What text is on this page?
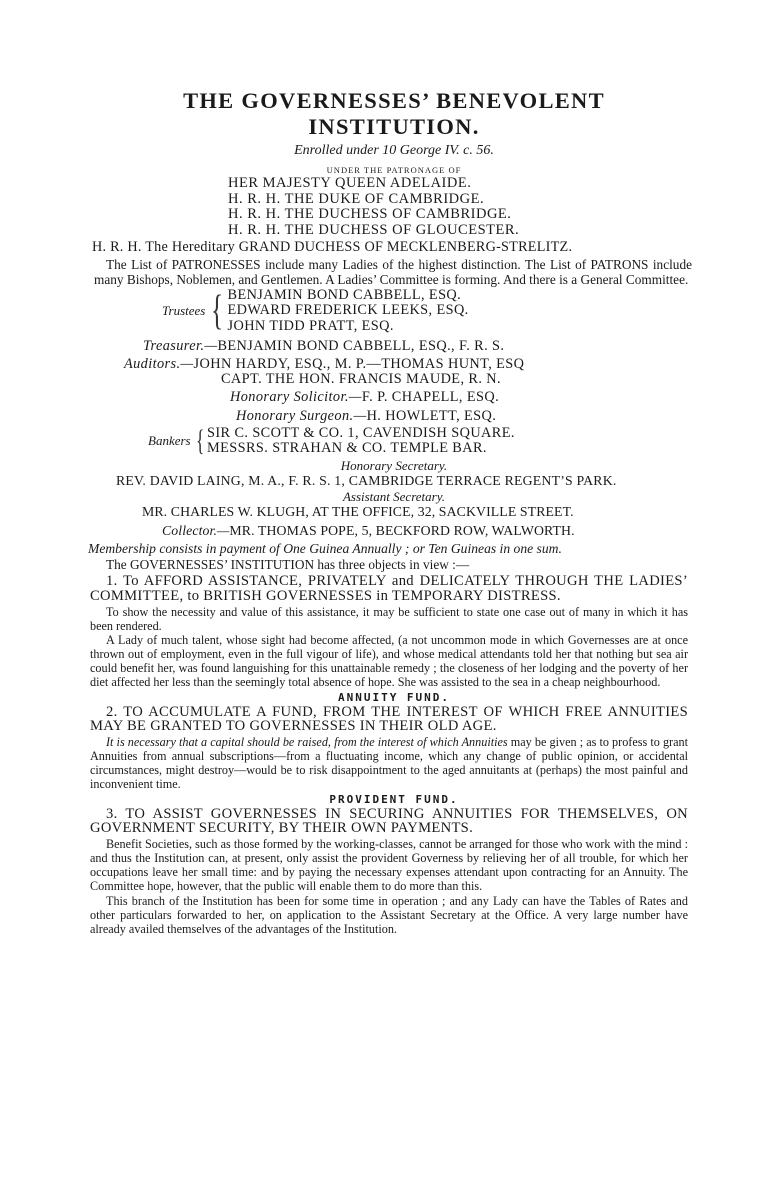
THE GOVERNESSES’ BENEVOLENT INSTITUTION.
Enrolled under 10 George IV. c. 56.
UNDER THE PATRONAGE OF
HER MAJESTY QUEEN ADELAIDE.
H. R. H. THE DUKE OF CAMBRIDGE.
H. R. H. THE DUCHESS OF CAMBRIDGE.
H. R. H. THE DUCHESS OF GLOUCESTER.
H. R. H. The Hereditary GRAND DUCHESS OF MECKLENBERG-STRELITZ.
The List of PATRONESSES include many Ladies of the highest distinction. The List of PATRONS include many Bishops, Noblemen, and Gentlemen. A Ladies’ Committee is forming. And there is a General Committee.
Trustees { BENJAMIN BOND CABBELL, ESQ.
EDWARD FREDERICK LEEKS, ESQ.
JOHN TIDD PRATT, ESQ.
Treasurer.—BENJAMIN BOND CABBELL, ESQ., F. R. S.
Auditors.—JOHN HARDY, ESQ., M. P.—THOMAS HUNT, ESQ
CAPT. THE HON. FRANCIS MAUDE, R. N.
Honorary Solicitor.—F. P. CHAPELL, ESQ.
Honorary Surgeon.—H. HOWLETT, ESQ.
Bankers { SIR C. SCOTT & CO. 1, CAVENDISH SQUARE.
MESSRS. STRAHAN & CO. TEMPLE BAR.
Honorary Secretary.
REV. DAVID LAING, M. A., F. R. S. 1, CAMBRIDGE TERRACE REGENT’S PARK.
Assistant Secretary.
MR. CHARLES W. KLUGH, AT THE OFFICE, 32, SACKVILLE STREET.
Collector.—MR. THOMAS POPE, 5, BECKFORD ROW, WALWORTH.
Membership consists in payment of One Guinea Annually ; or Ten Guineas in one sum.
The GOVERNESSES’ INSTITUTION has three objects in view :—
1. To AFFORD ASSISTANCE, PRIVATELY and DELICATELY THROUGH THE LADIES’ COMMITTEE, to BRITISH GOVERNESSES in TEMPORARY DISTRESS.
To show the necessity and value of this assistance, it may be sufficient to state one case out of many in which it has been rendered.
A Lady of much talent, whose sight had become affected, (a not uncommon mode in which Governesses are at once thrown out of employment, even in the full vigour of life), and whose medical attendants told her that nothing but sea air could benefit her, was found languishing for this unattainable remedy ; the closeness of her lodging and the poverty of her diet affected her less than the seemingly total absence of hope. She was assisted to the sea in a cheap neighbourhood.
ANNUITY FUND.
2. TO ACCUMULATE A FUND, FROM THE INTEREST OF WHICH FREE ANNUITIES MAY BE GRANTED TO GOVERNESSES IN THEIR OLD AGE.
It is necessary that a capital should be raised, from the interest of which Annuities may be given ; as to profess to grant Annuities from annual subscriptions—from a fluctuating income, which any change of public opinion, or accidental circumstances, might destroy—would be to risk disappointment to the aged annuitants at (perhaps) the most painful and inconvenient time.
PROVIDENT FUND.
3. TO ASSIST GOVERNESSES IN SECURING ANNUITIES FOR THEMSELVES, ON GOVERNMENT SECURITY, BY THEIR OWN PAYMENTS.
Benefit Societies, such as those formed by the working-classes, cannot be arranged for those who work with the mind : and thus the Institution can, at present, only assist the provident Governess by relieving her of all trouble, for which her occupations leave her small time: and by paying the necessary expenses attendant upon contracting for an Annuity. The Committee hope, however, that the public will enable them to do more than this.
This branch of the Institution has been for some time in operation ; and any Lady can have the Tables of Rates and other particulars forwarded to her, on application to the Assistant Secretary at the Office. A very large number have already availed themselves of the advantages of the Institution.
